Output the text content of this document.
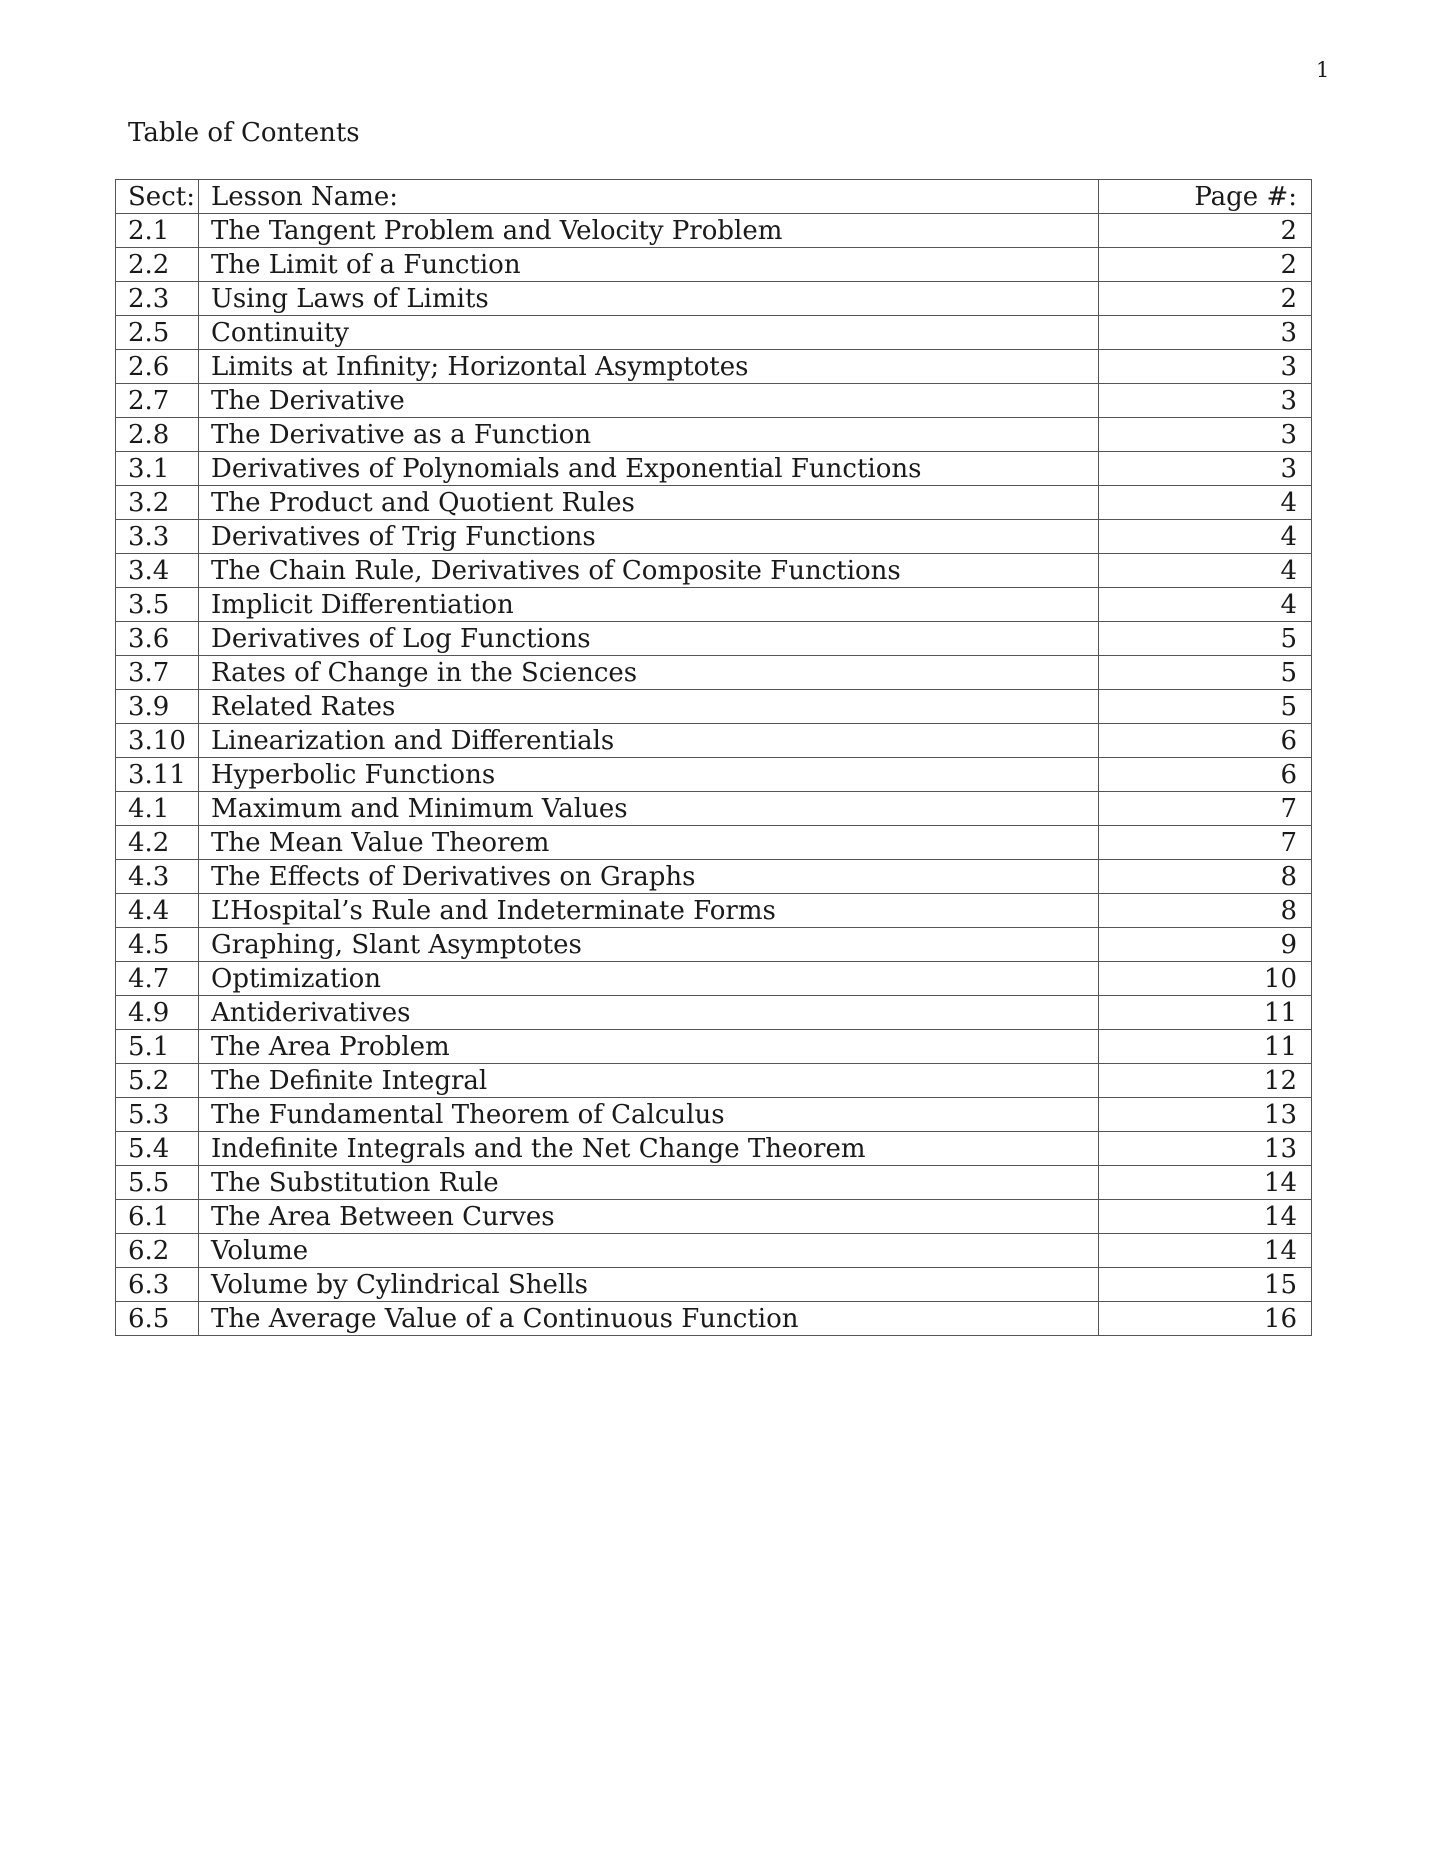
1
Table of Contents
Sect:	Lesson Name:	Page #:
2.1	The Tangent Problem and Velocity Problem	2
2.2	The Limit of a Function	2
2.3	Using Laws of Limits	2
2.5	Continuity	3
2.6	Limits at Infinity; Horizontal Asymptotes	3
2.7	The Derivative	3
2.8	The Derivative as a Function	3
3.1	Derivatives of Polynomials and Exponential Functions	3
3.2	The Product and Quotient Rules	4
3.3	Derivatives of Trig Functions	4
3.4	The Chain Rule, Derivatives of Composite Functions	4
3.5	Implicit Differentiation	4
3.6	Derivatives of Log Functions	5
3.7	Rates of Change in the Sciences	5
3.9	Related Rates	5
3.10	Linearization and Differentials	6
3.11	Hyperbolic Functions	6
4.1	Maximum and Minimum Values	7
4.2	The Mean Value Theorem	7
4.3	The Effects of Derivatives on Graphs	8
4.4	L’Hospital’s Rule and Indeterminate Forms	8
4.5	Graphing, Slant Asymptotes	9
4.7	Optimization	10
4.9	Antiderivatives	11
5.1	The Area Problem	11
5.2	The Definite Integral	12
5.3	The Fundamental Theorem of Calculus	13
5.4	Indefinite Integrals and the Net Change Theorem	13
5.5	The Substitution Rule	14
6.1	The Area Between Curves	14
6.2	Volume	14
6.3	Volume by Cylindrical Shells	15
6.5	The Average Value of a Continuous Function	16
